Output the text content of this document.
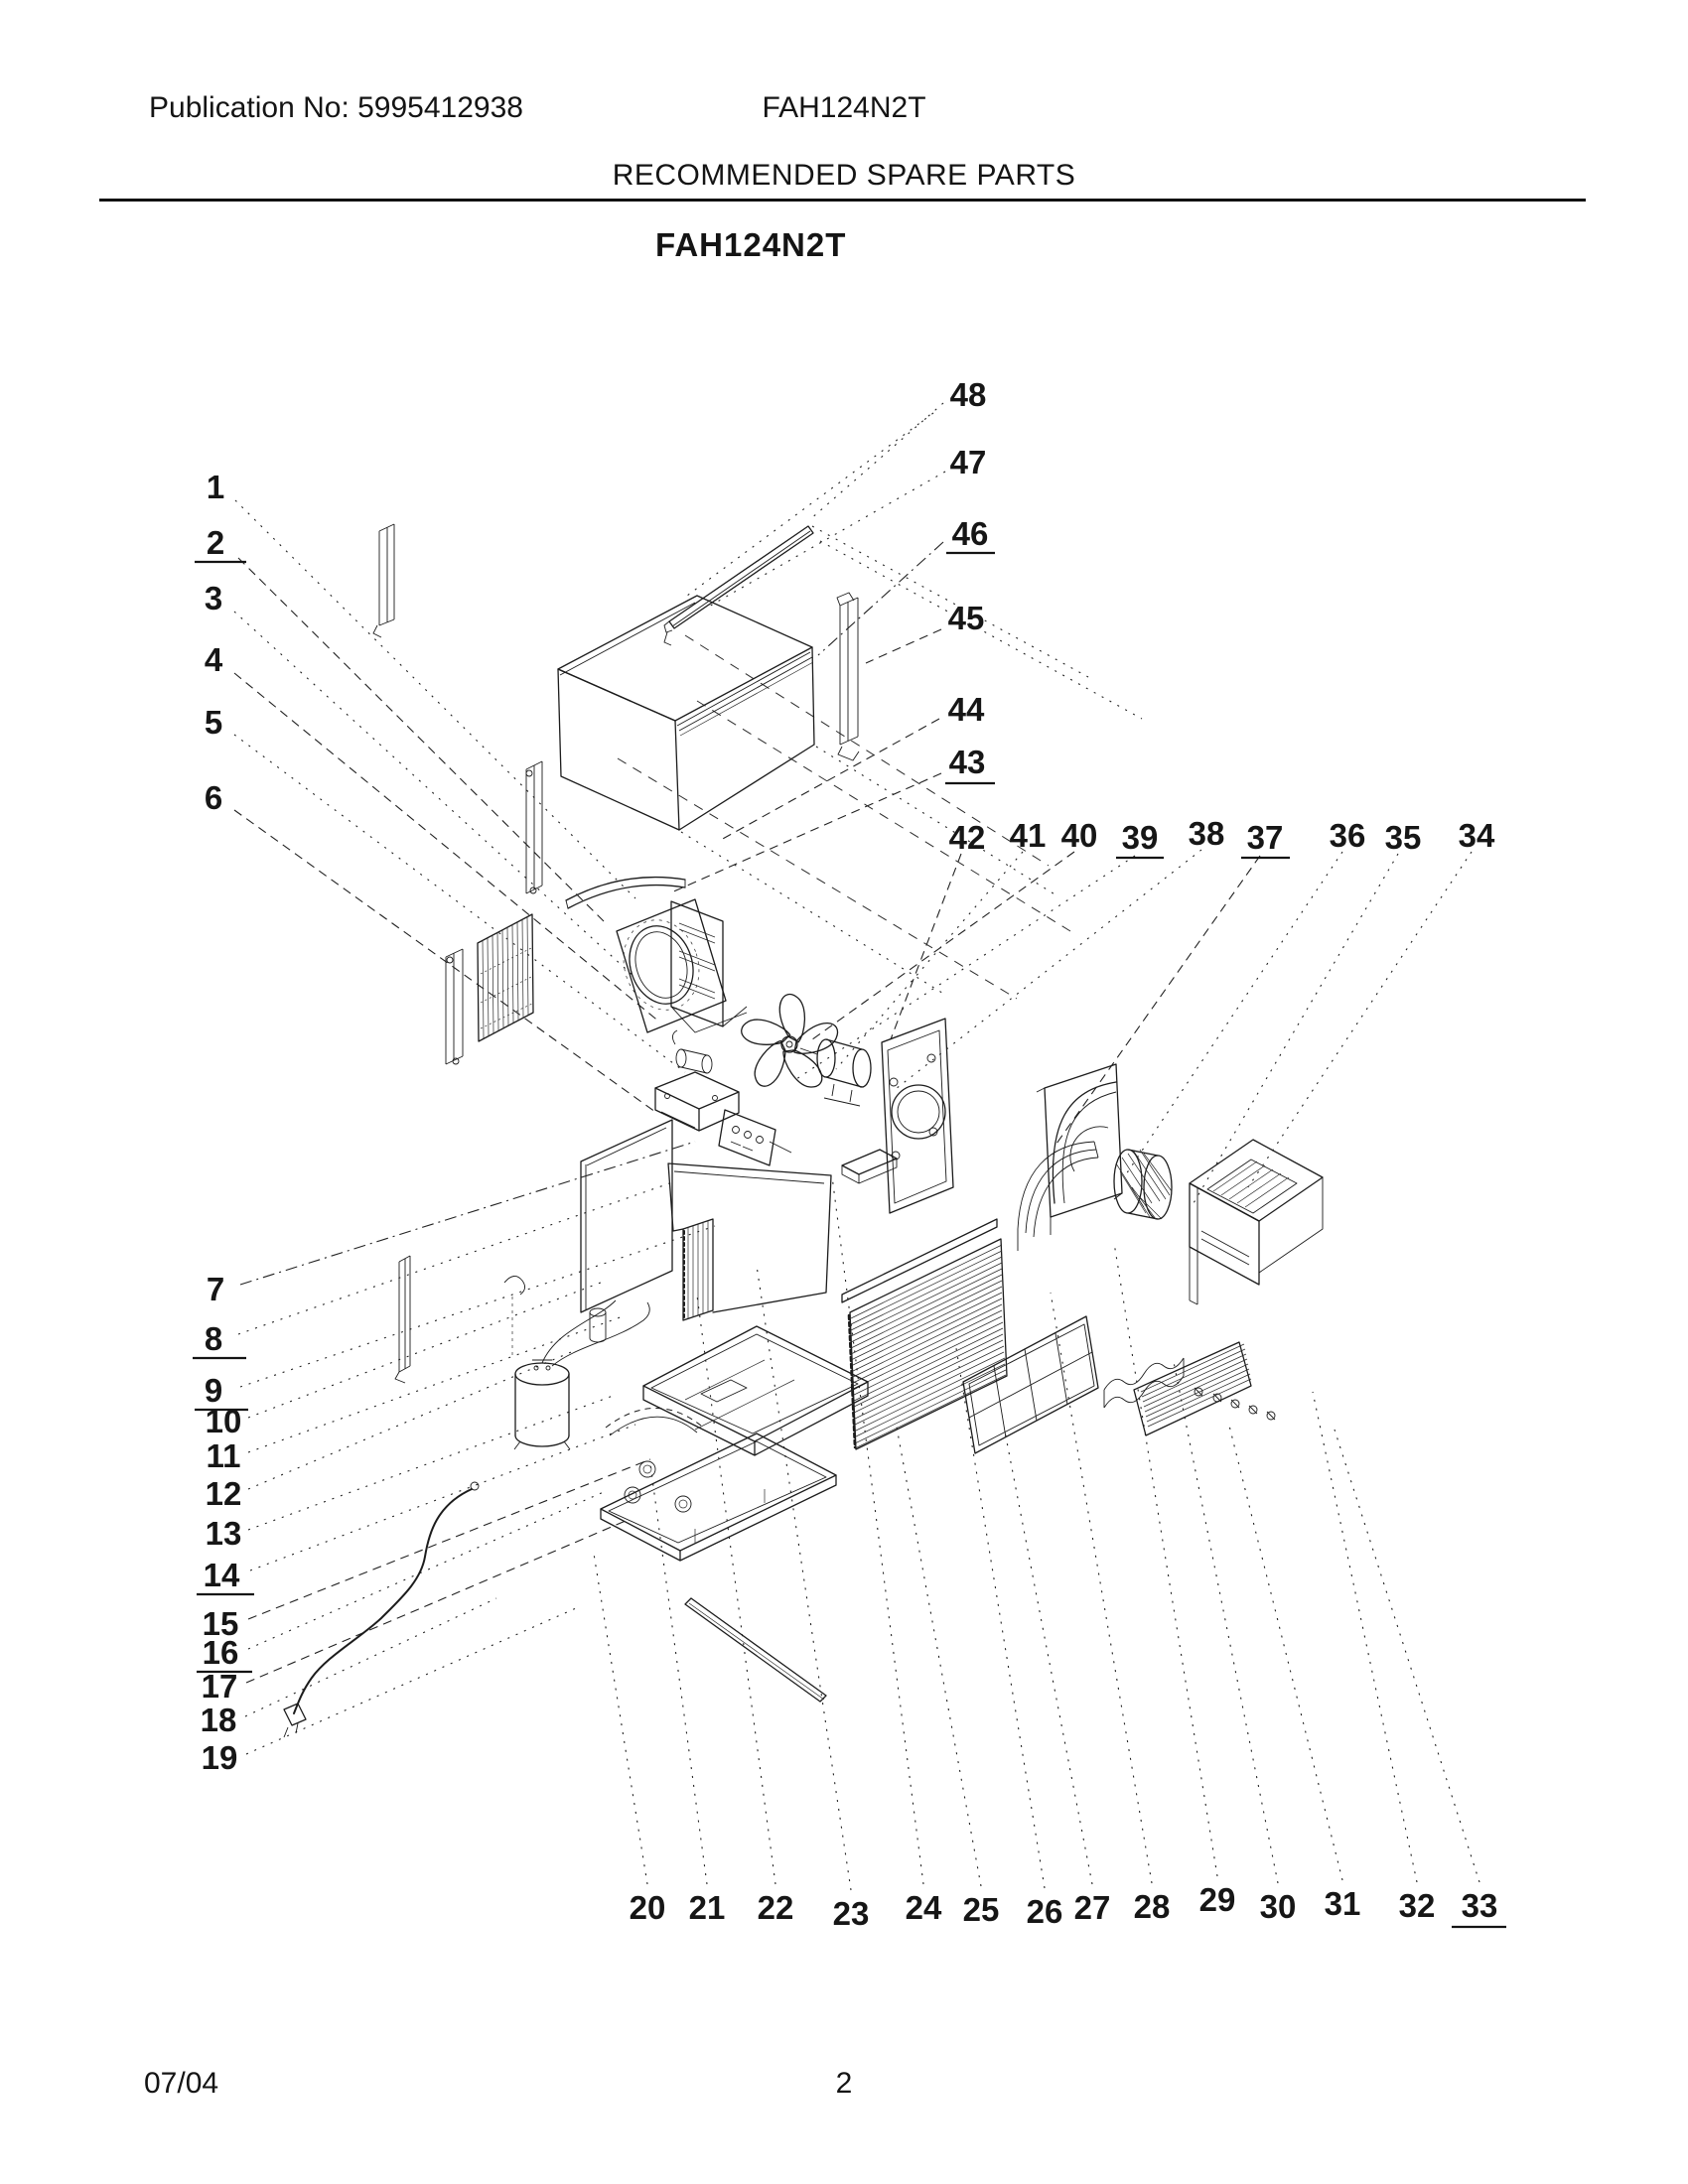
Publication No: 5995412938	FAH124N2T
RECOMMENDED SPARE PARTS
FAH124N2T
1
2
3
4
5
6
7
8
9
10
11
12
13
14
15
16
17
18
19
20 21 22 23 24 25 26 27 28 29 30 31 32 33
34
35
36
37
38
39
40
41
42
43
44
45
46
47
48
07/04	2
